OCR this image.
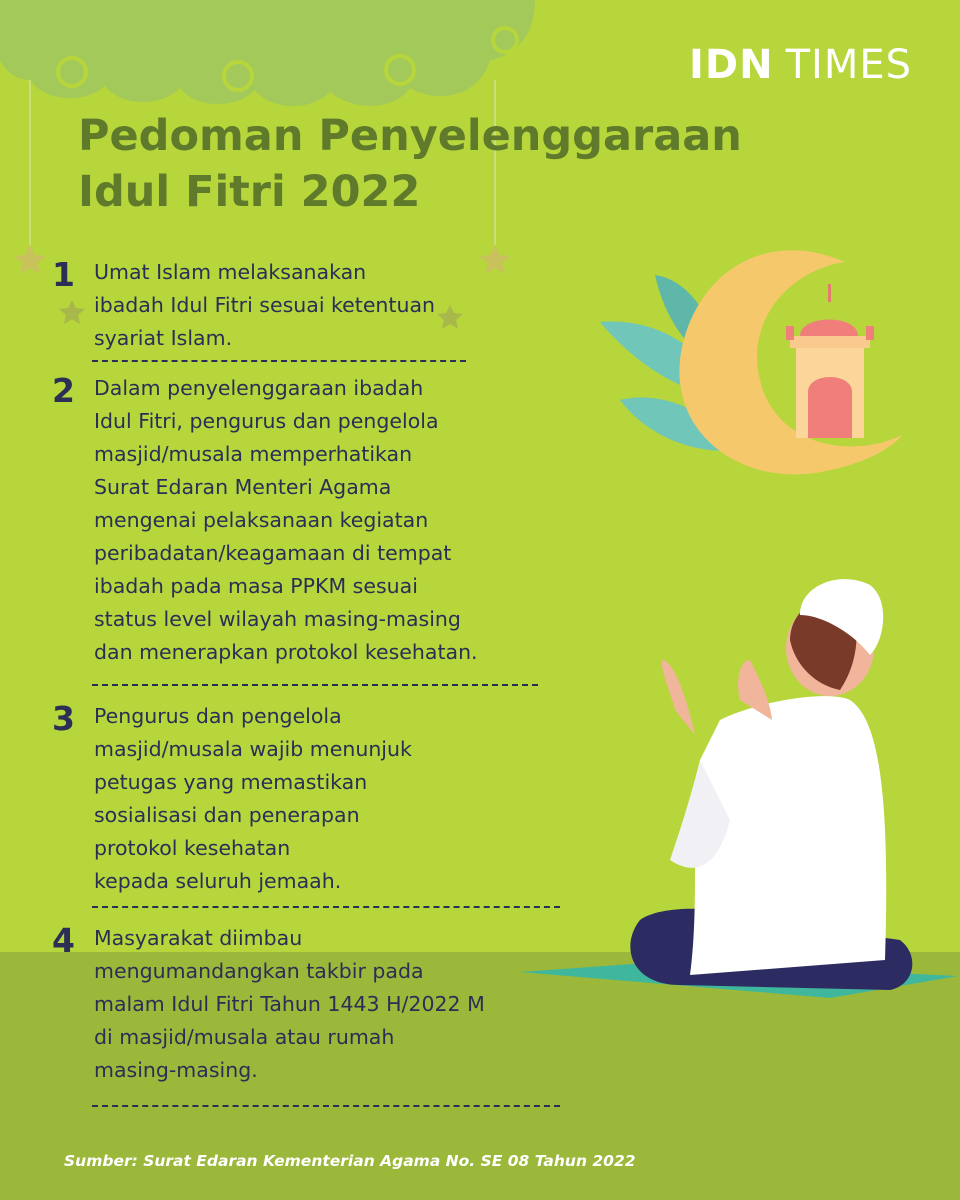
IDN TIMES
Pedoman Penyelenggaraan
Idul Fitri 2022
1 Umat Islam melaksanakan
ibadah Idul Fitri sesuai ketentuan
syariat Islam.
2 Dalam penyelenggaraan ibadah
Idul Fitri, pengurus dan pengelola
masjid/musala memperhatikan
Surat Edaran Menteri Agama
mengenai pelaksanaan kegiatan
peribadatan/keagamaan di tempat
ibadah pada masa PPKM sesuai
status level wilayah masing-masing
dan menerapkan protokol kesehatan.
3 Pengurus dan pengelola
masjid/musala wajib menunjuk
petugas yang memastikan
sosialisasi dan penerapan
protokol kesehatan
kepada seluruh jemaah.
4 Masyarakat diimbau
mengumandangkan takbir pada
malam Idul Fitri Tahun 1443 H/2022 M
di masjid/musala atau rumah
masing-masing.
Sumber: Surat Edaran Kementerian Agama No. SE 08 Tahun 2022
